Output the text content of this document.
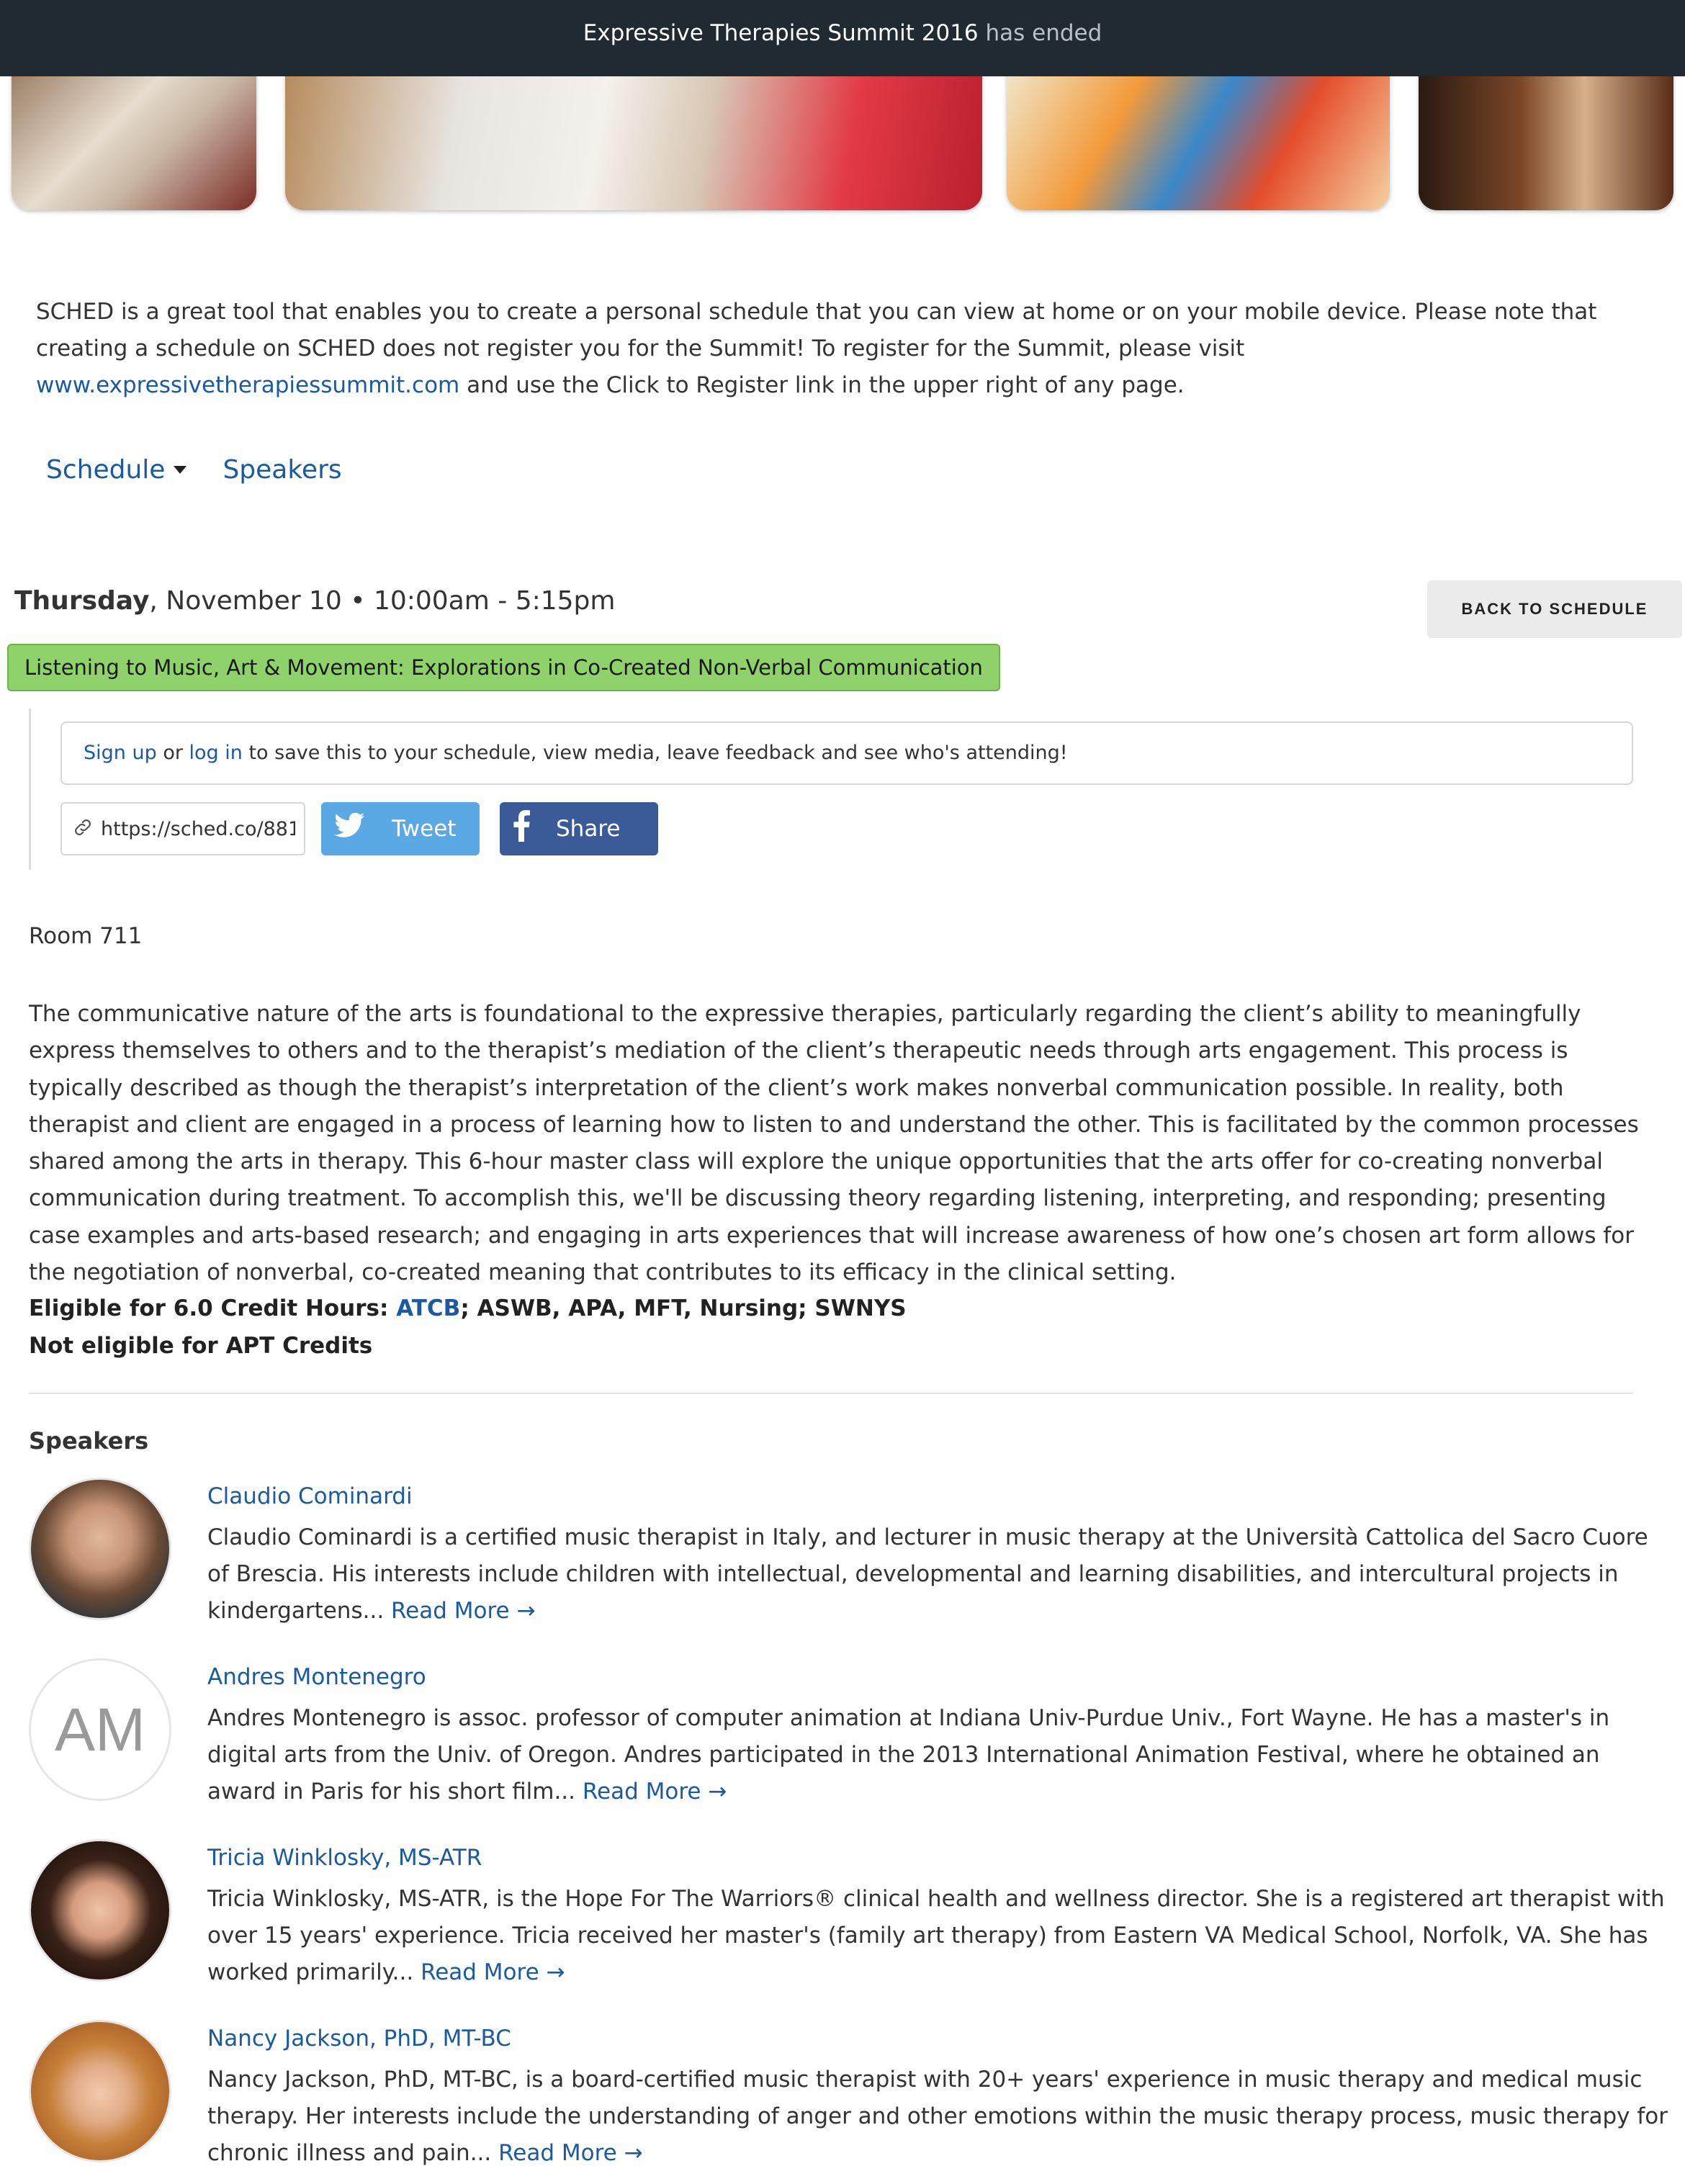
Expressive Therapies Summit 2016 has ended

SCHED is a great tool that enables you to create a personal schedule that you can view at home or on your mobile device. Please note that creating a schedule on SCHED does not register you for the Summit! To register for the Summit, please visit www.expressivetherapiessummit.com and use the Click to Register link in the upper right of any page.

Schedule Speakers
Thursday, November 10 • 10:00am - 5:15pm	BACK TO SCHEDULE
Listening to Music, Art & Movement: Explorations in Co-Created Non-Verbal Communication
Sign up or log in to save this to your schedule, view media, leave feedback and see who's attending!
https://sched.co/881I
Tweet	Share
Room 711

The communicative nature of the arts is foundational to the expressive therapies, particularly regarding the client’s ability to meaningfully express themselves to others and to the therapist’s mediation of the client’s therapeutic needs through arts engagement. This process is typically described as though the therapist’s interpretation of the client’s work makes nonverbal communication possible. In reality, both therapist and client are engaged in a process of learning how to listen to and understand the other. This is facilitated by the common processes shared among the arts in therapy. This 6-hour master class will explore the unique opportunities that the arts offer for co-creating nonverbal communication during treatment. To accomplish this, we'll be discussing theory regarding listening, interpreting, and responding; presenting case examples and arts-based research; and engaging in arts experiences that will increase awareness of how one’s chosen art form allows for the negotiation of nonverbal, co-created meaning that contributes to its efficacy in the clinical setting.

Eligible for 6.0 Credit Hours: ATCB; ASWB, APA, MFT, Nursing; SWNYS
Not eligible for APT Credits
Speakers
Claudio Cominardi

Claudio Cominardi is a certified music therapist in Italy, and lecturer in music therapy at the Università Cattolica del Sacro Cuore of Brescia. His interests include children with intellectual, developmental and learning disabilities, and intercultural projects in kindergartens... Read More →

AM
Andres Montenegro

Andres Montenegro is assoc. professor of computer animation at Indiana Univ-Purdue Univ., Fort Wayne. He has a master's in digital arts from the Univ. of Oregon. Andres participated in the 2013 International Animation Festival, where he obtained an award in Paris for his short film... Read More →

Tricia Winklosky, MS-ATR

Tricia Winklosky, MS-ATR, is the Hope For The Warriors® clinical health and wellness director. She is a registered art therapist with over 15 years' experience. Tricia received her master's (family art therapy) from Eastern VA Medical School, Norfolk, VA. She has worked primarily... Read More →

Nancy Jackson, PhD, MT-BC

Nancy Jackson, PhD, MT-BC, is a board-certified music therapist with 20+ years' experience in music therapy and medical music therapy. Her interests include the understanding of anger and other emotions within the music therapy process, music therapy for chronic illness and pain... Read More →
